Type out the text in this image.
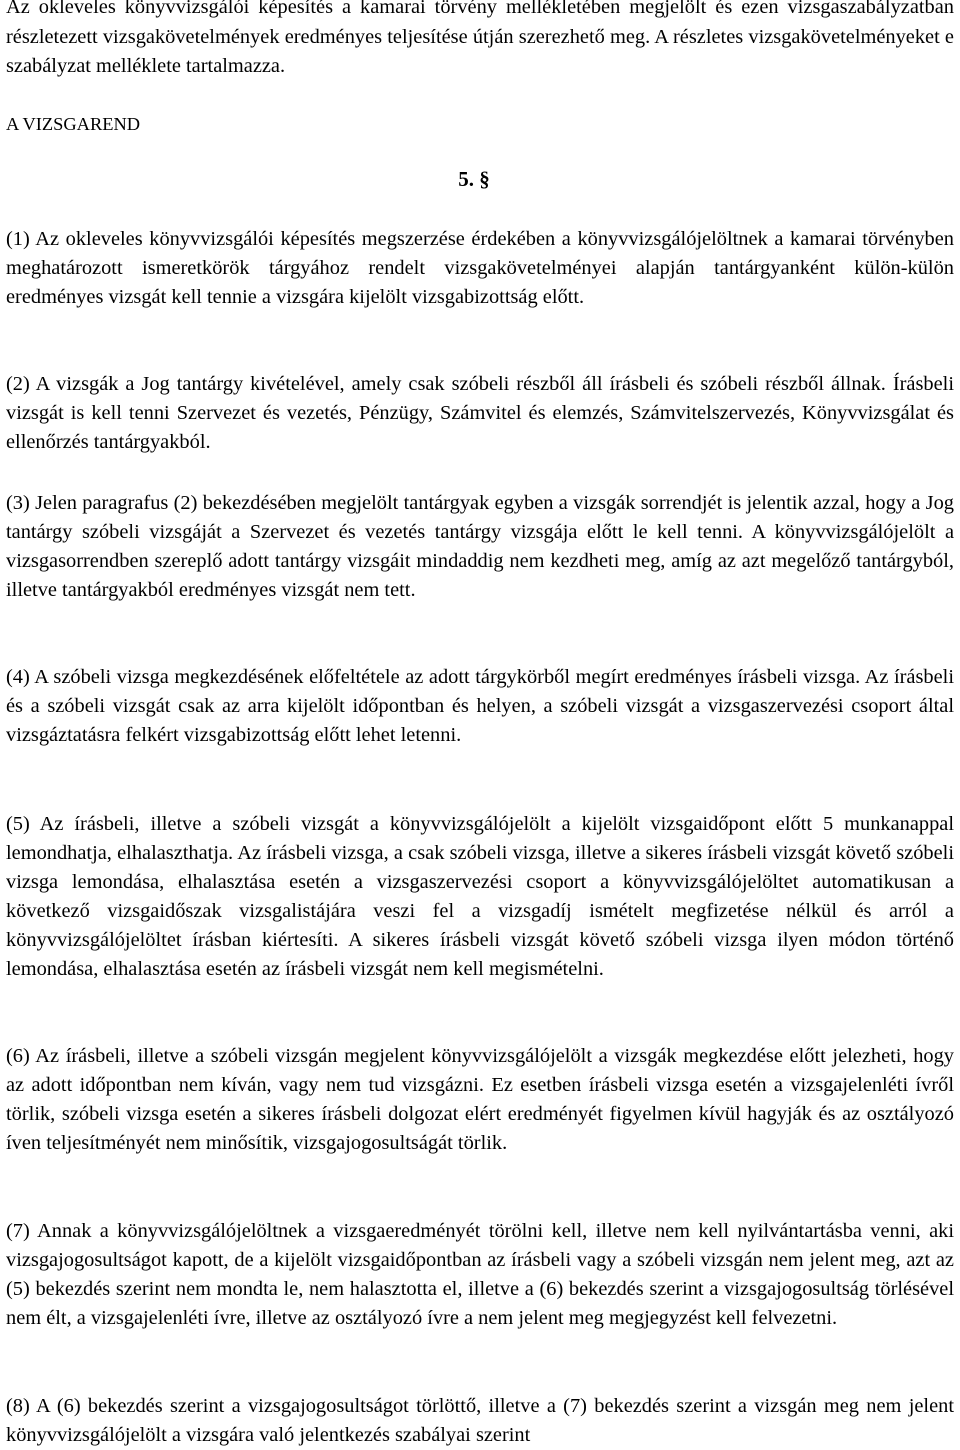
Az okleveles könyvvizsgálói képesítés a kamarai törvény mellékletében megjelölt és ezen vizsgaszabályzatban részletezett vizsgakövetelmények eredményes teljesítése útján szerezhető meg. A részletes vizsgakövetelményeket e szabályzat melléklete tartalmazza.

A VIZSGAREND

5. §

(1) Az okleveles könyvvizsgálói képesítés megszerzése érdekében a könyvvizsgálójelöltnek a kamarai törvényben meghatározott ismeretkörök tárgyához rendelt vizsgakövetelményei alapján tantárgyanként külön-külön eredményes vizsgát kell tennie a vizsgára kijelölt vizsgabizottság előtt.

(2) A vizsgák a Jog tantárgy kivételével, amely csak szóbeli részből áll írásbeli és szóbeli részből állnak. Írásbeli vizsgát is kell tenni Szervezet és vezetés, Pénzügy, Számvitel és elemzés, Számvitelszervezés, Könyvvizsgálat és ellenőrzés tantárgyakból.

(3) Jelen paragrafus (2) bekezdésében megjelölt tantárgyak egyben a vizsgák sorrendjét is jelentik azzal, hogy a Jog tantárgy szóbeli vizsgáját a Szervezet és vezetés tantárgy vizsgája előtt le kell tenni. A könyvvizsgálójelölt a vizsgasorrendben szereplő adott tantárgy vizsgáit mindaddig nem kezdheti meg, amíg az azt megelőző tantárgyból, illetve tantárgyakból eredményes vizsgát nem tett.

(4) A szóbeli vizsga megkezdésének előfeltétele az adott tárgykörből megírt eredményes írásbeli vizsga. Az írásbeli és a szóbeli vizsgát csak az arra kijelölt időpontban és helyen, a szóbeli vizsgát a vizsgaszervezési csoport által vizsgáztatásra felkért vizsgabizottság előtt lehet letenni.

(5) Az írásbeli, illetve a szóbeli vizsgát a könyvvizsgálójelölt a kijelölt vizsgaidőpont előtt 5 munkanappal lemondhatja, elhalaszthatja. Az írásbeli vizsga, a csak szóbeli vizsga, illetve a sikeres írásbeli vizsgát követő szóbeli vizsga lemondása, elhalasztása esetén a vizsgaszervezési csoport a könyvvizsgálójelöltet automatikusan a következő vizsgaidőszak vizsgalistájára veszi fel a vizsgadíj ismételt megfizetése nélkül és arról a könyvvizsgálójelöltet írásban kiértesíti. A sikeres írásbeli vizsgát követő szóbeli vizsga ilyen módon történő lemondása, elhalasztása esetén az írásbeli vizsgát nem kell megismételni.

(6) Az írásbeli, illetve a szóbeli vizsgán megjelent könyvvizsgálójelölt a vizsgák megkezdése előtt jelezheti, hogy az adott időpontban nem kíván, vagy nem tud vizsgázni. Ez esetben írásbeli vizsga esetén a vizsgajelenléti ívről törlik, szóbeli vizsga esetén a sikeres írásbeli dolgozat elért eredményét figyelmen kívül hagyják és az osztályozó íven teljesítményét nem minősítik, vizsgajogosultságát törlik.

(7) Annak a könyvvizsgálójelöltnek a vizsgaeredményét törölni kell, illetve nem kell nyilvántartásba venni, aki vizsgajogosultságot kapott, de a kijelölt vizsgaidőpontban az írásbeli vagy a szóbeli vizsgán nem jelent meg, azt az (5) bekezdés szerint nem mondta le, nem halasztotta el, illetve a (6) bekezdés szerint a vizsgajogosultság törlésével nem élt, a vizsgajelenléti ívre, illetve az osztályozó ívre a nem jelent meg megjegyzést kell felvezetni.

(8) A (6) bekezdés szerint a vizsgajogosultságot törlöttő, illetve a (7) bekezdés szerint a vizsgán meg nem jelent könyvvizsgálójelölt a vizsgára való jelentkezés szabályai szerint
